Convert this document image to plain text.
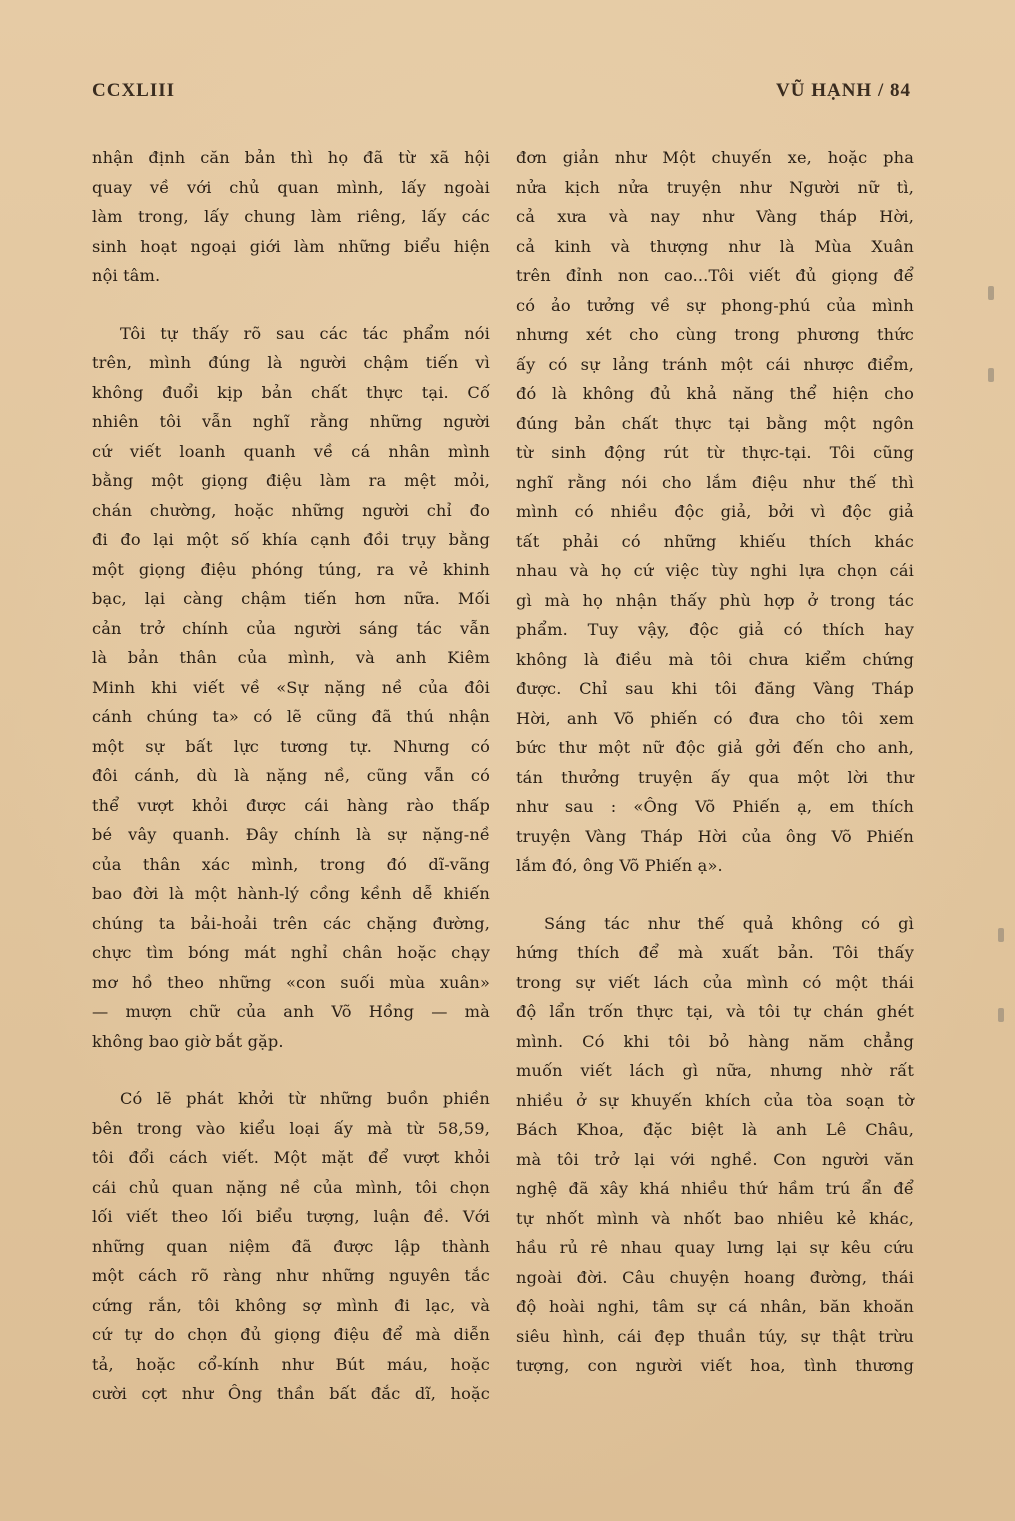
CCXLIII	VŨ HẠNH / 84
nhận định căn bản thì họ đã từ xã hội
quay về với chủ quan mình, lấy ngoài
làm trong, lấy chung làm riêng, lấy các
sinh hoạt ngoại giới làm những biểu hiện
nội tâm.
Tôi tự thấy rõ sau các tác phẩm nói
trên, mình đúng là người chậm tiến vì
không đuổi kịp bản chất thực tại. Cố
nhiên tôi vẫn nghĩ rằng những người
cứ viết loanh quanh về cá nhân mình
bằng một giọng điệu làm ra mệt mỏi,
chán chường, hoặc những người chỉ đo
đi đo lại một số khía cạnh đồi trụy bằng
một giọng điệu phóng túng, ra vẻ khinh
bạc, lại càng chậm tiến hơn nữa. Mối
cản trở chính của người sáng tác vẫn
là bản thân của mình, và anh Kiêm
Minh khi viết về «Sự nặng nề của đôi
cánh chúng ta» có lẽ cũng đã thú nhận
một sự bất lực tương tự. Nhưng có
đôi cánh, dù là nặng nề, cũng vẫn có
thể vượt khỏi được cái hàng rào thấp
bé vây quanh. Đây chính là sự nặng-nề
của thân xác mình, trong đó dĩ-vãng
bao đời là một hành-lý cồng kềnh dễ khiến
chúng ta bải-hoải trên các chặng đường,
chực tìm bóng mát nghỉ chân hoặc chạy
mơ hồ theo những «con suối mùa xuân»
— mượn chữ của anh Võ Hồng — mà
không bao giờ bắt gặp.
Có lẽ phát khởi từ những buồn phiền
bên trong vào kiểu loại ấy mà từ 58,59,
tôi đổi cách viết. Một mặt để vượt khỏi
cái chủ quan nặng nề của mình, tôi chọn
lối viết theo lối biểu tượng, luận đề. Với
những quan niệm đã được lập thành
một cách rõ ràng như những nguyên tắc
cứng rắn, tôi không sợ mình đi lạc, và
cứ tự do chọn đủ giọng điệu để mà diễn
tả, hoặc cổ-kính như Bút máu, hoặc
cười cợt như Ông thần bất đắc dĩ, hoặc
đơn giản như Một chuyến xe, hoặc pha
nửa kịch nửa truyện như Người nữ tì,
cả xưa và nay như Vàng tháp Hời,
cả kinh và thượng như là Mùa Xuân
trên đỉnh non cao...Tôi viết đủ giọng để
có ảo tưởng về sự phong-phú của mình
nhưng xét cho cùng trong phương thức
ấy có sự lảng tránh một cái nhược điểm,
đó là không đủ khả năng thể hiện cho
đúng bản chất thực tại bằng một ngôn
từ sinh động rút từ thực-tại. Tôi cũng
nghĩ rằng nói cho lắm điệu như thế thì
mình có nhiều độc giả, bởi vì độc giả
tất phải có những khiếu thích khác
nhau và họ cứ việc tùy nghi lựa chọn cái
gì mà họ nhận thấy phù hợp ở trong tác
phẩm. Tuy vậy, độc giả có thích hay
không là điều mà tôi chưa kiểm chứng
được. Chỉ sau khi tôi đăng Vàng Tháp
Hời, anh Võ phiến có đưa cho tôi xem
bức thư một nữ độc giả gởi đến cho anh,
tán thưởng truyện ấy qua một lời thư
như sau : «Ông Võ Phiến ạ, em thích
truyện Vàng Tháp Hời của ông Võ Phiến
lắm đó, ông Võ Phiến ạ».
Sáng tác như thế quả không có gì
hứng thích để mà xuất bản. Tôi thấy
trong sự viết lách của mình có một thái
độ lẩn trốn thực tại, và tôi tự chán ghét
mình. Có khi tôi bỏ hàng năm chẳng
muốn viết lách gì nữa, nhưng nhờ rất
nhiều ở sự khuyến khích của tòa soạn tờ
Bách Khoa, đặc biệt là anh Lê Châu,
mà tôi trở lại với nghề. Con người văn
nghệ đã xây khá nhiều thứ hầm trú ẩn để
tự nhốt mình và nhốt bao nhiêu kẻ khác,
hầu rủ rê nhau quay lưng lại sự kêu cứu
ngoài đời. Câu chuyện hoang đường, thái
độ hoài nghi, tâm sự cá nhân, băn khoăn
siêu hình, cái đẹp thuần túy, sự thật trừu
tượng, con người viết hoa, tình thương
